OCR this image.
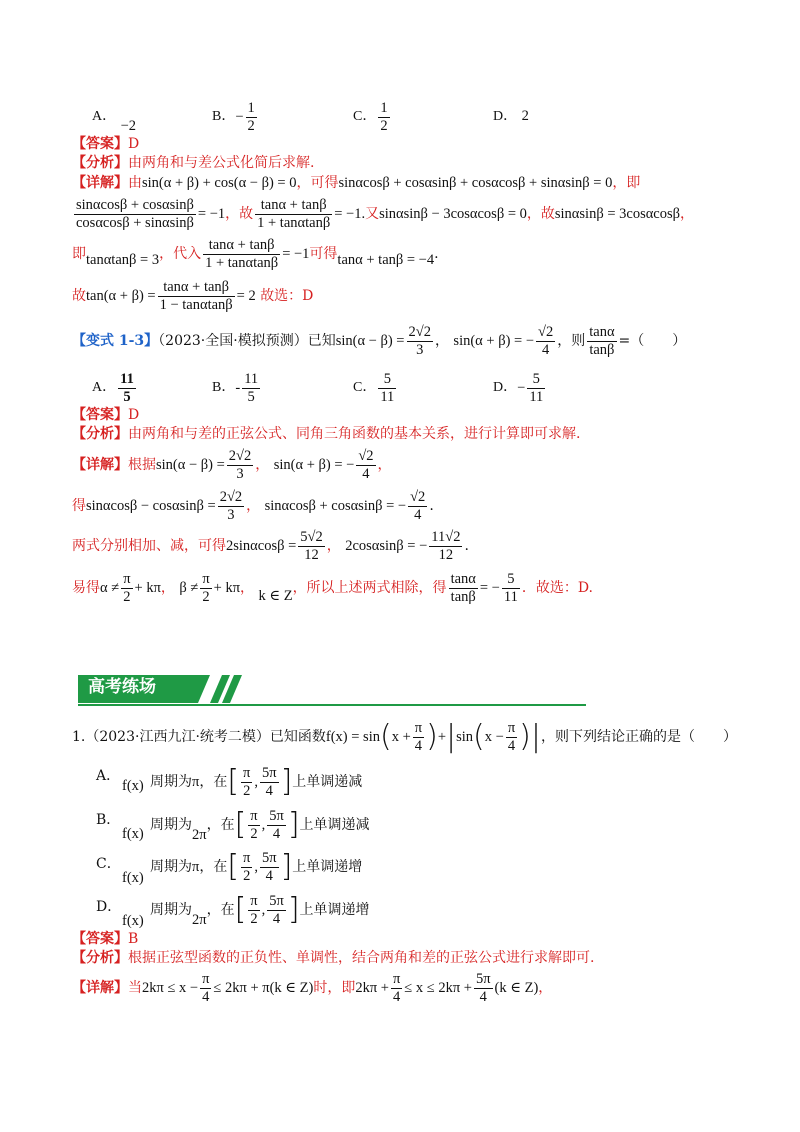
A． −2
B．− $\frac{1}{2}$	C． $\frac{1}{2}$	D． 2
【答案】D
【分析】由两角和与差公式化简后求解.
【详解】由sin(α + β) + cos(α − β) = 0，可得sinαcosβ + cosαsinβ + cosαcosβ + sinαsinβ = 0，即
$\frac{\sin\alpha\cos\beta + \cos\alpha\sin\beta}{\cos\alpha\cos\beta + \sin\alpha\sin\beta} = -1$，故 $\frac{\tan\alpha + \tan\beta}{1 + \tan\alpha\tan\beta} = -1$.又sinαsinβ − 3cosαcosβ = 0，故sinαsinβ = 3cosαcosβ，
即tanαtanβ = 3，代入 $\frac{\tan\alpha + \tan\beta}{1 + \tan\alpha\tan\beta} = -1$可得tanα + tanβ = −4.
故$\tan(\alpha + \beta) = \frac{\tan\alpha + \tan\beta}{1 - \tan\alpha\tan\beta} = 2$ 故选：D
【变式 1-3】（2023·全国·模拟预测）已知$\sin(\alpha - \beta) = \frac{2√2}{3}$ ， sin(α + β) = − $\frac{√2}{4}$ ，则 $\frac{\tan\alpha}{\tan\beta}$ =（　　）
A． $\frac{11}{5}$	B．- $\frac{11}{5}$	C． $\frac{5}{11}$	D．− $\frac{5}{11}$
【答案】D
【分析】由两角和与差的正弦公式、同角三角函数的基本关系，进行计算即可求解.
【详解】根据$\sin(\alpha - \beta) = \frac{2√2}{3}$ ， sin(α + β) = − $\frac{√2}{4}$ ，
得$\sin\alpha\cos\beta - \cos\alpha\sin\beta = \frac{2√2}{3}$ ， sinαcosβ + cosαsinβ = − $\frac{√2}{4}$ .
两式分别相加、减，可得$2\sin\alpha\cos\beta = \frac{5√2}{12}$ ， 2cosαsinβ = − $\frac{11√2}{12}$ .
易得$\alpha \ne \frac{\pi}{2} + k\pi$， $\beta \ne \frac{\pi}{2} + k\pi$， k ∈ Z，所以上述两式相除，得 $\frac{\tan\alpha}{\tan\beta}$ = − $\frac{5}{11}$ ．故选：D.
高考练场
1.（2023·江西九江·统考二模）已知函数$f(x) = \sin(x + \frac{\pi}{4} )+|\sin(x - \frac{\pi}{4}$ )|，则下列结论正确的是（　　）
A．
f(x) 周期为π，在[ $\frac{\pi}{2}$ , $\frac{5\pi}{4}$ ]上单调递减
B．
f(x)
周期为2π，在[ $\frac{\pi}{2}$ , $\frac{5\pi}{4}$ ]上单调递减
C．
f(x)
周期为π，在[ $\frac{\pi}{2}$ , $\frac{5\pi}{4}$ ]上单调递增
D．
f(x)
周期为2π，在[ $\frac{\pi}{2}$ , $\frac{5\pi}{4}$ ]上单调递增
【答案】B
【分析】根据正弦型函数的正负性、单调性，结合两角和差的正弦公式进行求解即可.
【详解】当$2k\pi \le x - \frac{\pi}{4} \le 2k\pi + \pi(k$ ∈ Z)时，即$2k\pi + \frac{\pi}{4} \le x \le 2k\pi + \frac{5\pi}{4} (k$ ∈ Z)，
